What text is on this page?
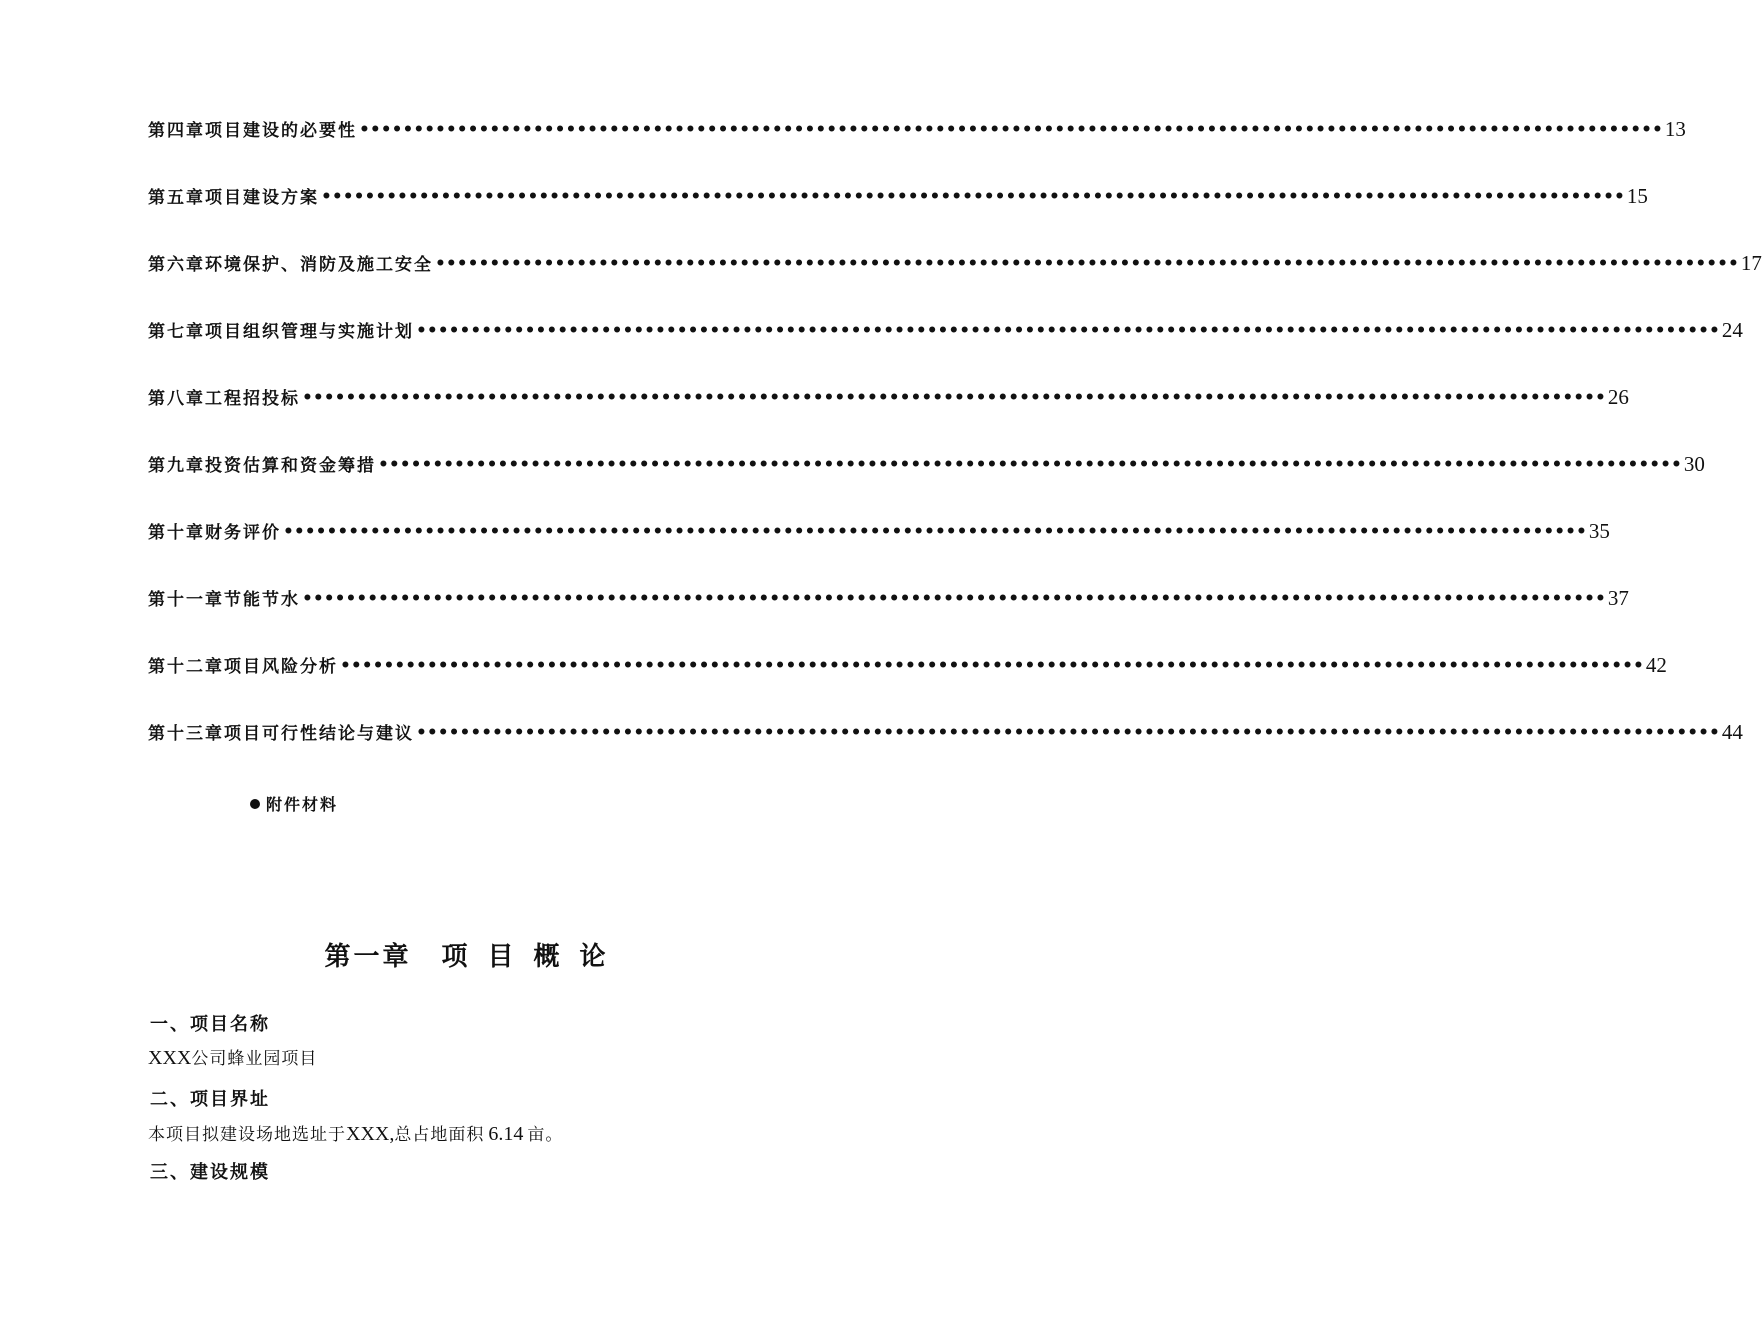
第四章 项目建设的必要性 •••••••••••••••••••••••••••••••••••••••••••••••••••••••••••••••••••••••••••••••••••••••••••••••••••••••••••••••••••••••• 13
第五章 项目建设方案 •••••••••••••••••••••••••••••••••••••••••••••••••••••••••••••••••••••••••••••••••••••••••••••••••••••••••••••••••••••••• 15
第六章 环境保护、消防及施工安全 •••••••••••••••••••••••••••••••••••••••••••••••••••••••••••••••••••••••••••••••••••••••••••••••••••••••••••••••••••••••• 17
第七章 项目组织管理与实施计划 •••••••••••••••••••••••••••••••••••••••••••••••••••••••••••••••••••••••••••••••••••••••••••••••••••••••••••••••••••••••• 24
第八章 工程招投标 •••••••••••••••••••••••••••••••••••••••••••••••••••••••••••••••••••••••••••••••••••••••••••••••••••••••••••••••••••••••• 26
第九章 投资估算和资金筹措 •••••••••••••••••••••••••••••••••••••••••••••••••••••••••••••••••••••••••••••••••••••••••••••••••••••••••••••••••••••••• 30
第十章 财务评价 •••••••••••••••••••••••••••••••••••••••••••••••••••••••••••••••••••••••••••••••••••••••••••••••••••••••••••••••••••••••• 35
第十一章 节能节水 •••••••••••••••••••••••••••••••••••••••••••••••••••••••••••••••••••••••••••••••••••••••••••••••••••••••••••••••••••••••• 37
第十二章 项目风险分析 •••••••••••••••••••••••••••••••••••••••••••••••••••••••••••••••••••••••••••••••••••••••••••••••••••••••••••••••••••••••• 42
第十三章 项目可行性结论与建议 •••••••••••••••••••••••••••••••••••••••••••••••••••••••••••••••••••••••••••••••••••••••••••••••••••••••••••••••••••••••• 44
附件材料
第一章 项目概论
一、项目名称
XXX公司蜂业园项目
二、项目界址
本项目拟建设场地选址于XXX,总占地面积 6.14 亩。
三、建设规模
